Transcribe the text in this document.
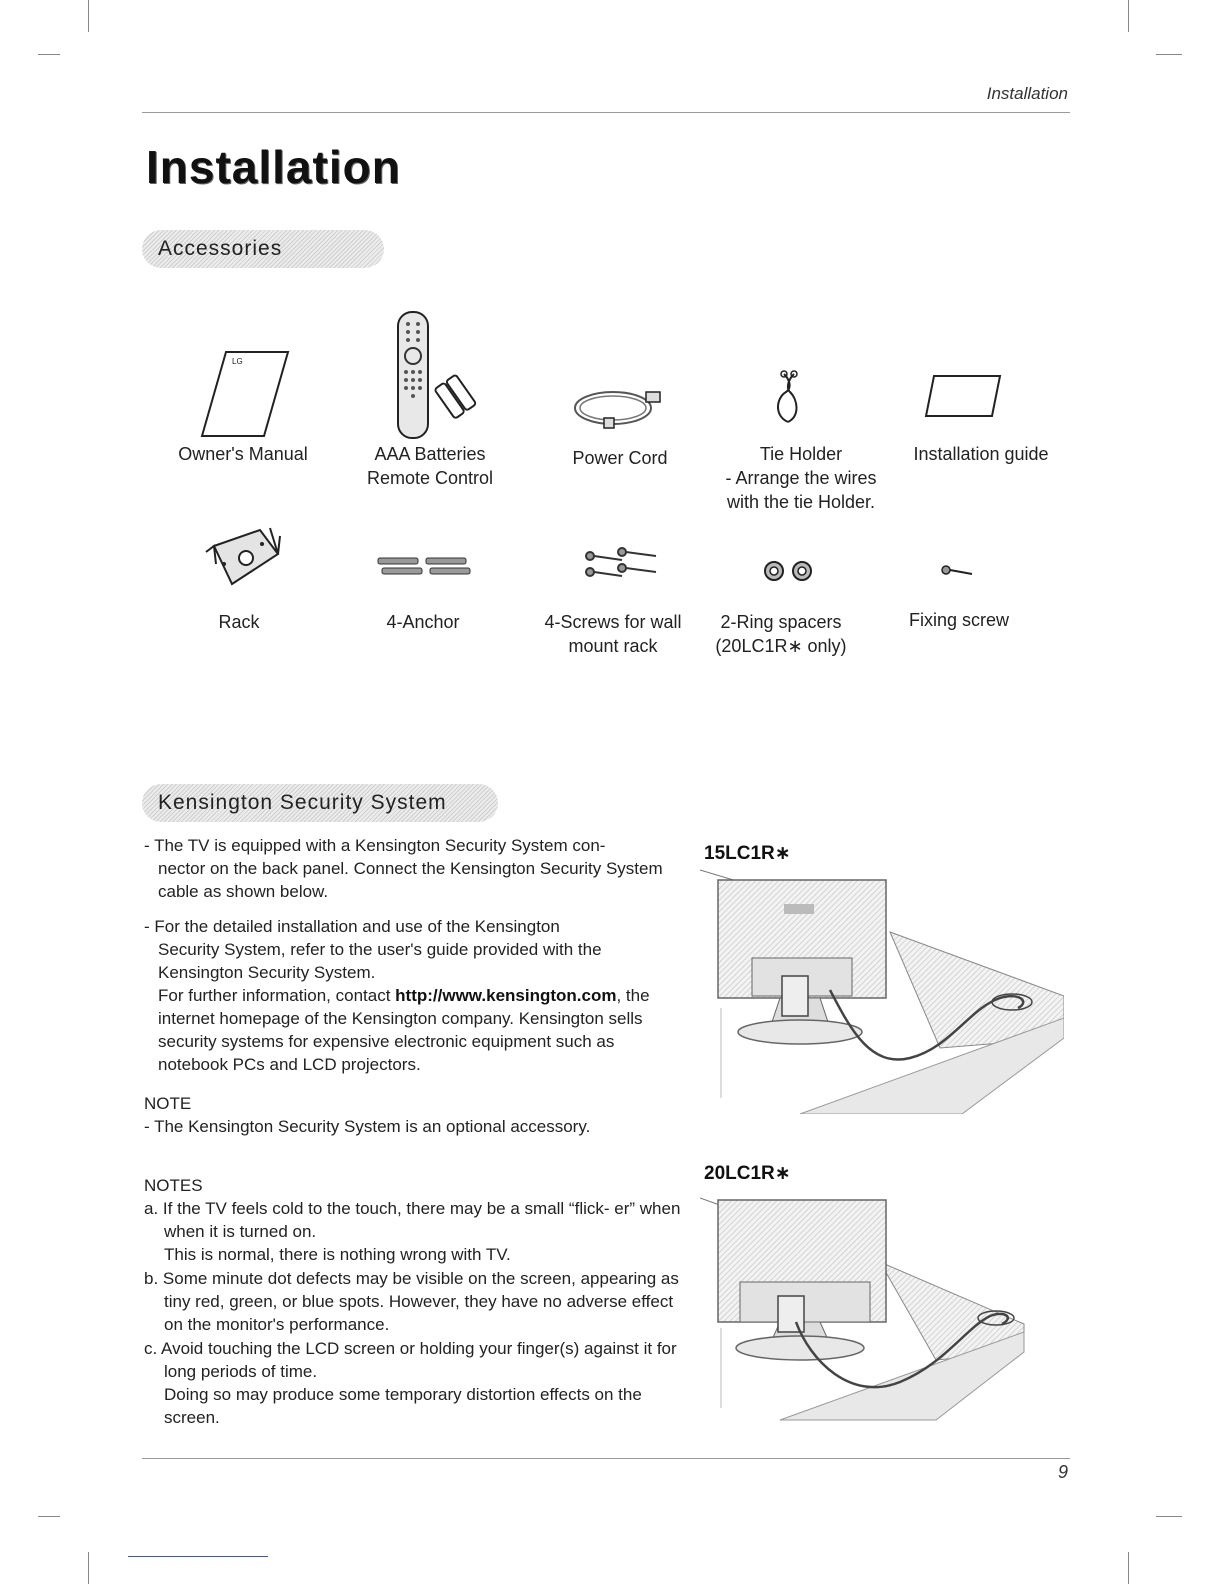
Installation
Installation
Accessories
LG
Owner's Manual	AAA Batteries
Remote Control
Power Cord	Tie Holder
- Arrange the wires
with the tie Holder.
Installation guide
Rack	4-Anchor	4-Screws for wall
mount rack
2-Ring spacers
(20LC1R∗ only)
Fixing screw
Kensington Security System

- The TV is equipped with a Kensington Security System con-
nector on the back panel. Connect the Kensington Security System cable as shown below.

- For the detailed installation and use of the Kensington
Security System, refer to the user's guide provided with the Kensington Security System.
For further information, contact http://www.kensington.com, the internet homepage of the Kensington company. Kensington sells security systems for expensive electronic equipment such as notebook PCs and LCD projectors.

NOTE

- The Kensington Security System is an optional accessory.

NOTES

a. If the TV feels cold to the touch, there may be a small “flick- er” when when it is turned on.
This is normal, there is nothing wrong with TV.
b. Some minute dot defects may be visible on the screen, appearing as tiny red, green, or blue spots. However, they have no adverse effect on the monitor's performance.
c. Avoid touching the LCD screen or holding your finger(s) against it for long periods of time.
Doing so may produce some temporary distortion effects on the screen.
15LC1R∗
20LC1R∗
9
